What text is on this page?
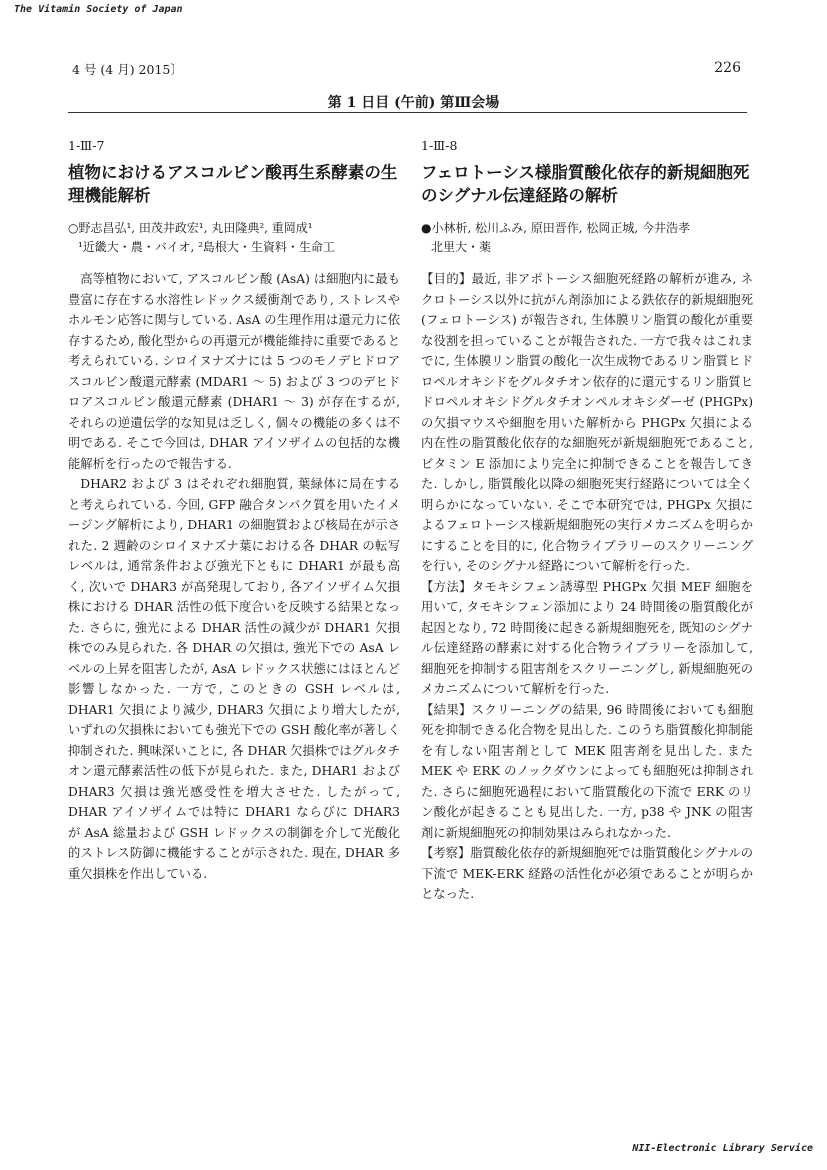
The Vitamin Society of Japan
4 号 (4 月) 2015〕	226
第 1 日目 (午前) 第Ⅲ会場
1-Ⅲ-7
植物におけるアスコルビン酸再生系酵素の生理機能解析
○野志昌弘¹, 田茂井政宏¹, 丸田隆典², 重岡成¹
¹近畿大・農・バイオ, ²島根大・生資料・生命工

高等植物において, アスコルビン酸 (AsA) は細胞内に最も豊富に存在する水溶性レドックス緩衝剤であり, ストレスやホルモン応答に関与している. AsA の生理作用は還元力に依存するため, 酸化型からの再還元が機能維持に重要であると考えられている. シロイヌナズナには 5 つのモノデヒドロアスコルビン酸還元酵素 (MDAR1 ～ 5) および 3 つのデヒドロアスコルビン酸還元酵素 (DHAR1 ～ 3) が存在するが, それらの逆遺伝学的な知見は乏しく, 個々の機能の多くは不明である. そこで今回は, DHAR アイソザイムの包括的な機能解析を行ったので報告する.

DHAR2 および 3 はそれぞれ細胞質, 葉緑体に局在すると考えられている. 今回, GFP 融合タンパク質を用いたイメージング解析により, DHAR1 の細胞質および核局在が示された. 2 週齢のシロイヌナズナ葉における各 DHAR の転写レベルは, 通常条件および強光下ともに DHAR1 が最も高く, 次いで DHAR3 が高発現しており, 各アイソザイム欠損株における DHAR 活性の低下度合いを反映する結果となった. さらに, 強光による DHAR 活性の減少が DHAR1 欠損株でのみ見られた. 各 DHAR の欠損は, 強光下での AsA レベルの上昇を阻害したが, AsA レドックス状態にはほとんど影響しなかった. 一方で, このときの GSH レベルは, DHAR1 欠損により減少, DHAR3 欠損により増大したが, いずれの欠損株においても強光下での GSH 酸化率が著しく抑制された. 興味深いことに, 各 DHAR 欠損株ではグルタチオン還元酵素活性の低下が見られた. また, DHAR1 および DHAR3 欠損は強光感受性を増大させた. したがって, DHAR アイソザイムでは特に DHAR1 ならびに DHAR3 が AsA 総量および GSH レドックスの制御を介して光酸化的ストレス防御に機能することが示された. 現在, DHAR 多重欠損株を作出している.

1-Ⅲ-8
フェロトーシス様脂質酸化依存的新規細胞死のシグナル伝達経路の解析
●小林析, 松川ふみ, 原田晋作, 松岡正城, 今井浩孝
北里大・薬

【目的】最近, 非アポトーシス細胞死経路の解析が進み, ネクロトーシス以外に抗がん剤添加による鉄依存的新規細胞死 (フェロトーシス) が報告され, 生体膜リン脂質の酸化が重要な役割を担っていることが報告された. 一方で我々はこれまでに, 生体膜リン脂質の酸化一次生成物であるリン脂質ヒドロペルオキシドをグルタチオン依存的に還元するリン脂質ヒドロペルオキシドグルタチオンペルオキシダーゼ (PHGPx) の欠損マウスや細胞を用いた解析から PHGPx 欠損による内在性の脂質酸化依存的な細胞死が新規細胞死であること, ビタミン E 添加により完全に抑制できることを報告してきた. しかし, 脂質酸化以降の細胞死実行経路については全く明らかになっていない. そこで本研究では, PHGPx 欠損によるフェロトーシス様新規細胞死の実行メカニズムを明らかにすることを目的に, 化合物ライブラリーのスクリーニングを行い, そのシグナル経路について解析を行った.

【方法】タモキシフェン誘導型 PHGPx 欠損 MEF 細胞を用いて, タモキシフェン添加により 24 時間後の脂質酸化が起因となり, 72 時間後に起きる新規細胞死を, 既知のシグナル伝達経路の酵素に対する化合物ライブラリーを添加して, 細胞死を抑制する阻害剤をスクリーニングし, 新規細胞死のメカニズムについて解析を行った.

【結果】スクリーニングの結果, 96 時間後においても細胞死を抑制できる化合物を見出した. このうち脂質酸化抑制能を有しない阻害剤として MEK 阻害剤を見出した. また MEK や ERK のノックダウンによっても細胞死は抑制された. さらに細胞死過程において脂質酸化の下流で ERK のリン酸化が起きることも見出した. 一方, p38 や JNK の阻害剤に新規細胞死の抑制効果はみられなかった.

【考察】脂質酸化依存的新規細胞死では脂質酸化シグナルの下流で MEK-ERK 経路の活性化が必須であることが明らかとなった.

NII-Electronic Library Service
